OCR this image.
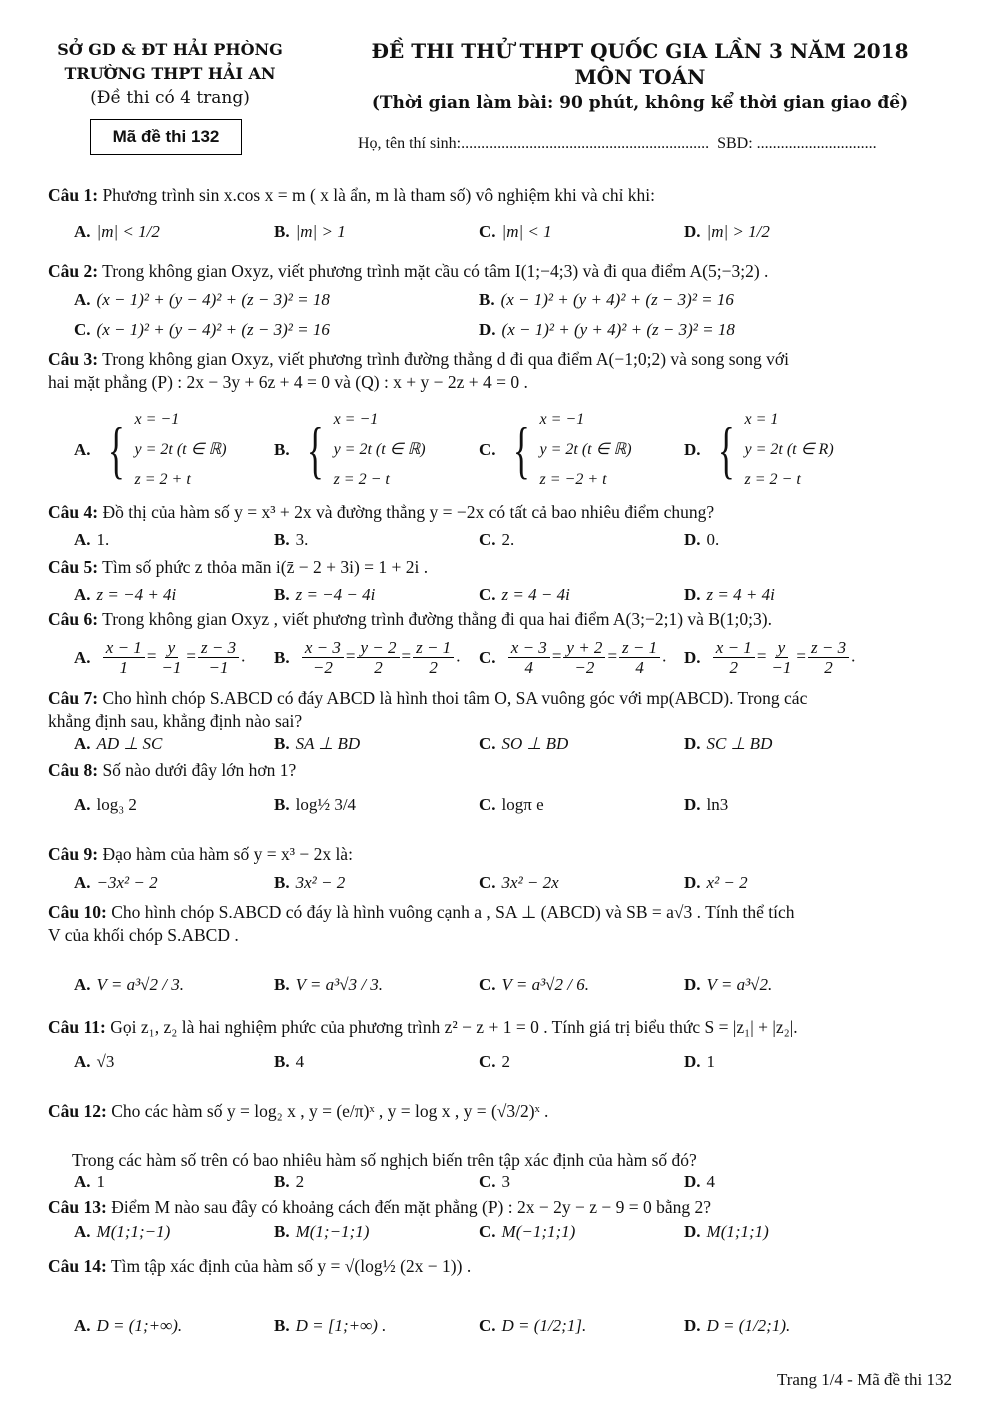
SỞ GD & ĐT HẢI PHÒNG
TRƯỜNG THPT HẢI AN
(Đề thi có 4 trang)
Mã đề thi 132
ĐỀ THI THỬ THPT QUỐC GIA LẦN 3 NĂM 2018
MÔN TOÁN
(Thời gian làm bài: 90 phút, không kể thời gian giao đề)
Họ, tên thí sinh:.............................................................. SBD: ..............................
Câu 1: Phương trình sin x.cos x = m ( x là ẩn, m là tham số) vô nghiệm khi và chỉ khi:
A. |m| < 1/2	B. |m| > 1	C. |m| < 1	D. |m| > 1/2
Câu 2: Trong không gian Oxyz, viết phương trình mặt cầu có tâm I(1;−4;3) và đi qua điểm A(5;−3;2) .
A. (x − 1)² + (y − 4)² + (z − 3)² = 18	B. (x − 1)² + (y + 4)² + (z − 3)² = 16
C. (x − 1)² + (y − 4)² + (z − 3)² = 16	D. (x − 1)² + (y + 4)² + (z − 3)² = 18
Câu 3: Trong không gian Oxyz, viết phương trình đường thẳng d đi qua điểm A(−1;0;2) và song song với
hai mặt phẳng (P) : 2x − 3y + 6z + 4 = 0 và (Q) : x + y − 2z + 4 = 0 .
A. { x = −1
y = 2t (t ∈ ℝ)
z = 2 + t
B. { x = −1
y = 2t (t ∈ ℝ)
z = 2 − t
C. { x = −1
y = 2t (t ∈ ℝ)
z = −2 + t
D. { x = 1
y = 2t (t ∈ R)
z = 2 − t
Câu 4: Đồ thị của hàm số y = x³ + 2x và đường thẳng y = −2x có tất cả bao nhiêu điểm chung?
A. 1.	B. 3.	C. 2.	D. 0.
Câu 5: Tìm số phức z thỏa mãn i(z̄ − 2 + 3i) = 1 + 2i .
A. z = −4 + 4i	B. z = −4 − 4i	C. z = 4 − 4i	D. z = 4 + 4i
Câu 6: Trong không gian Oxyz , viết phương trình đường thẳng đi qua hai điểm A(3;−2;1) và B(1;0;3).
A. $\frac{x - 1}{1} = \frac{y}{-1} = \frac{z - 3}{-1}$ . B. $\frac{x - 3}{-2} = \frac{y - 2}{2} = \frac{z - 1}{2}$ . C. $\frac{x - 3}{4} = \frac{y + 2}{-2} = \frac{z - 1}{4}$ . D. $\frac{x - 1}{2} = \frac{y}{-1} = \frac{z - 3}{2}$ .
Câu 7: Cho hình chóp S.ABCD có đáy ABCD là hình thoi tâm O, SA vuông góc với mp(ABCD). Trong các
khẳng định sau, khẳng định nào sai?
A. AD ⊥ SC	B. SA ⊥ BD	C. SO ⊥ BD	D. SC ⊥ BD
Câu 8: Số nào dưới đây lớn hơn 1?
A. log₃ 2	B. log½ 3/4	C. logπ e	D. ln3
Câu 9: Đạo hàm của hàm số y = x³ − 2x là:
A. −3x² − 2	B. 3x² − 2	C. 3x² − 2x	D. x² − 2
Câu 10: Cho hình chóp S.ABCD có đáy là hình vuông cạnh a , SA ⊥ (ABCD) và SB = a√3 . Tính thể tích
V của khối chóp S.ABCD .
A. V = a³√2 / 3.	B. V = a³√3 / 3.	C. V = a³√2 / 6.	D. V = a³√2.
Câu 11: Gọi z₁, z₂ là hai nghiệm phức của phương trình z² − z + 1 = 0 . Tính giá trị biểu thức S = |z₁| + |z₂|.
A. √3	B. 4	C. 2	D. 1
Câu 12: Cho các hàm số y = log₂ x , y = (e/π)ˣ , y = log x , y = (√3/2)ˣ .
Trong các hàm số trên có bao nhiêu hàm số nghịch biến trên tập xác định của hàm số đó?
A. 1	B. 2	C. 3	D. 4
Câu 13: Điểm M nào sau đây có khoảng cách đến mặt phẳng (P) : 2x − 2y − z − 9 = 0 bằng 2?
A. M(1;1;−1)	B. M(1;−1;1)	C. M(−1;1;1)	D. M(1;1;1)
Câu 14: Tìm tập xác định của hàm số y = √(log½ (2x − 1)) .
A. D = (1;+∞).	B. D = [1;+∞) .	C. D = (1/2;1].	D. D = (1/2;1).
Trang 1/4 - Mã đề thi 132
